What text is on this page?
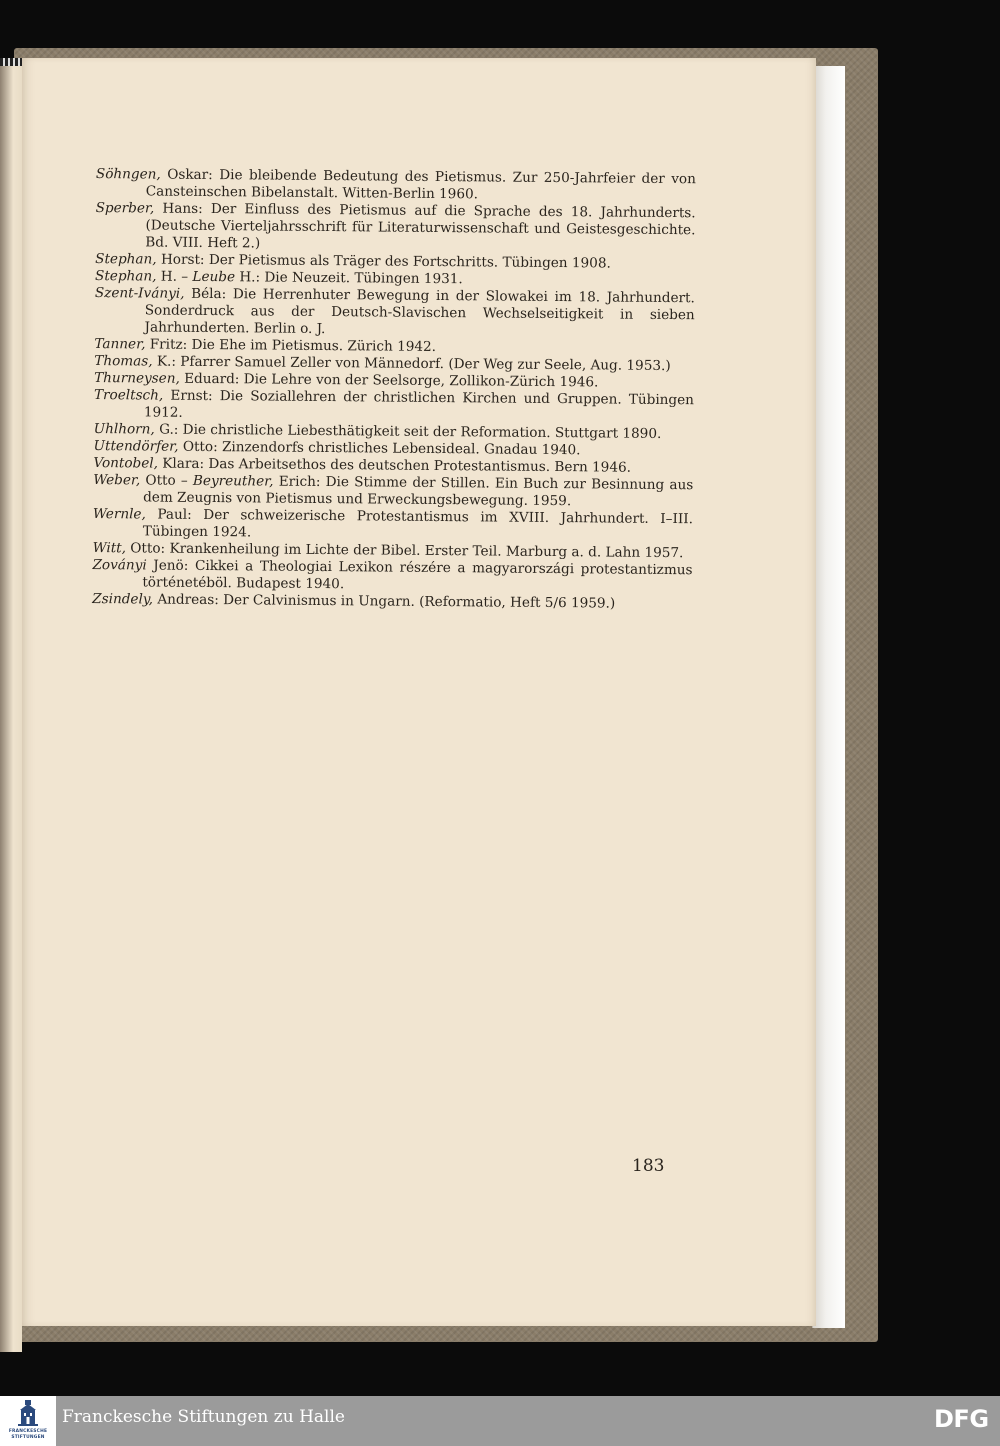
Söhngen, Oskar: Die bleibende Bedeutung des Pietismus. Zur 250-Jahrfeier der von Cansteinschen Bibelanstalt. Witten-Berlin 1960.

Sperber, Hans: Der Einfluss des Pietismus auf die Sprache des 18. Jahrhunderts. (Deutsche Vierteljahrsschrift für Literaturwissenschaft und Geistesgeschichte. Bd. VIII. Heft 2.)

Stephan, Horst: Der Pietismus als Träger des Fortschritts. Tübingen 1908.

Stephan, H. – Leube H.: Die Neuzeit. Tübingen 1931.

Szent-Iványi, Béla: Die Herrenhuter Bewegung in der Slowakei im 18. Jahrhundert. Sonderdruck aus der Deutsch-Slavischen Wechselseitigkeit in sieben Jahrhunderten. Berlin o. J.

Tanner, Fritz: Die Ehe im Pietismus. Zürich 1942.

Thomas, K.: Pfarrer Samuel Zeller von Männedorf. (Der Weg zur Seele, Aug. 1953.)

Thurneysen, Eduard: Die Lehre von der Seelsorge, Zollikon-Zürich 1946.

Troeltsch, Ernst: Die Soziallehren der christlichen Kirchen und Gruppen. Tübingen 1912.

Uhlhorn, G.: Die christliche Liebesthätigkeit seit der Reformation. Stuttgart 1890.

Uttendörfer, Otto: Zinzendorfs christliches Lebensideal. Gnadau 1940.

Vontobel, Klara: Das Arbeitsethos des deutschen Protestantismus. Bern 1946.

Weber, Otto – Beyreuther, Erich: Die Stimme der Stillen. Ein Buch zur Besinnung aus dem Zeugnis von Pietismus und Erweckungsbewegung. 1959.

Wernle, Paul: Der schweizerische Protestantismus im XVIII. Jahrhundert. I–III. Tübingen 1924.

Witt, Otto: Krankenheilung im Lichte der Bibel. Erster Teil. Marburg a. d. Lahn 1957.

Zoványi Jenö: Cikkei a Theologiai Lexikon részére a magyarországi protestantizmus történetéböl. Budapest 1940.

Zsindely, Andreas: Der Calvinismus in Ungarn. (Reformatio, Heft 5/6 1959.)

183
FRANCKESCHE
STIFTUNGEN
Franckesche Stiftungen zu Halle	DFG
